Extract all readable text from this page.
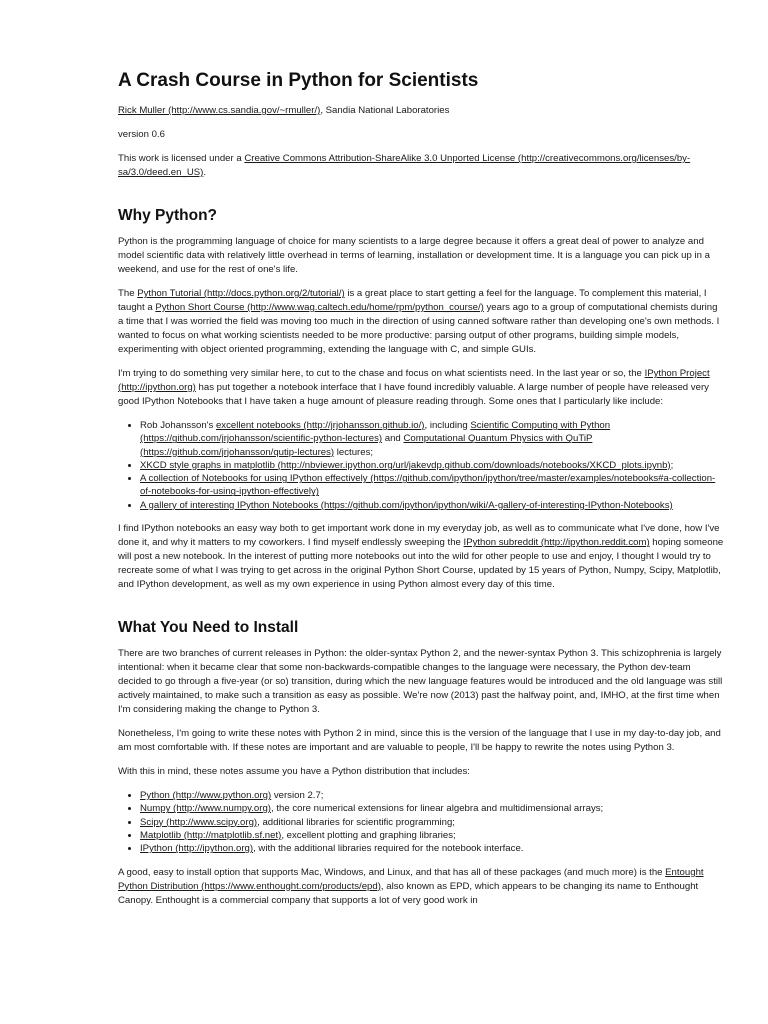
A Crash Course in Python for Scientists

Rick Muller (http://www.cs.sandia.gov/~rmuller/), Sandia National Laboratories

version 0.6

This work is licensed under a Creative Commons Attribution-ShareAlike 3.0 Unported License (http://creativecommons.org/licenses/by-sa/3.0/deed.en_US).

Why Python?

Python is the programming language of choice for many scientists to a large degree because it offers a great deal of power to analyze and model scientific data with relatively little overhead in terms of learning, installation or development time. It is a language you can pick up in a weekend, and use for the rest of one's life.

The Python Tutorial (http://docs.python.org/2/tutorial/) is a great place to start getting a feel for the language. To complement this material, I taught a Python Short Course (http://www.wag.caltech.edu/home/rpm/python_course/) years ago to a group of computational chemists during a time that I was worried the field was moving too much in the direction of using canned software rather than developing one's own methods. I wanted to focus on what working scientists needed to be more productive: parsing output of other programs, building simple models, experimenting with object oriented programming, extending the language with C, and simple GUIs.

I'm trying to do something very similar here, to cut to the chase and focus on what scientists need. In the last year or so, the IPython Project (http://ipython.org) has put together a notebook interface that I have found incredibly valuable. A large number of people have released very good IPython Notebooks that I have taken a huge amount of pleasure reading through. Some ones that I particularly like include:

• Rob Johansson's excellent notebooks (http://jrjohansson.github.io/), including Scientific Computing with Python (https://github.com/jrjohansson/scientific-python-lectures) and Computational Quantum Physics with QuTiP (https://github.com/jrjohansson/qutip-lectures) lectures;
• XKCD style graphs in matplotlib (http://nbviewer.ipython.org/url/jakevdp.github.com/downloads/notebooks/XKCD_plots.ipynb);
• A collection of Notebooks for using IPython effectively (https://github.com/ipython/ipython/tree/master/examples/notebooks#a-collection-of-notebooks-for-using-ipython-effectively)
• A gallery of interesting IPython Notebooks (https://github.com/ipython/ipython/wiki/A-gallery-of-interesting-IPython-Notebooks)

I find IPython notebooks an easy way both to get important work done in my everyday job, as well as to communicate what I've done, how I've done it, and why it matters to my coworkers. I find myself endlessly sweeping the IPython subreddit (http://ipython.reddit.com) hoping someone will post a new notebook. In the interest of putting more notebooks out into the wild for other people to use and enjoy, I thought I would try to recreate some of what I was trying to get across in the original Python Short Course, updated by 15 years of Python, Numpy, Scipy, Matplotlib, and IPython development, as well as my own experience in using Python almost every day of this time.

What You Need to Install

There are two branches of current releases in Python: the older-syntax Python 2, and the newer-syntax Python 3. This schizophrenia is largely intentional: when it became clear that some non-backwards-compatible changes to the language were necessary, the Python dev-team decided to go through a five-year (or so) transition, during which the new language features would be introduced and the old language was still actively maintained, to make such a transition as easy as possible. We're now (2013) past the halfway point, and, IMHO, at the first time when I'm considering making the change to Python 3.

Nonetheless, I'm going to write these notes with Python 2 in mind, since this is the version of the language that I use in my day-to-day job, and am most comfortable with. If these notes are important and are valuable to people, I'll be happy to rewrite the notes using Python 3.

With this in mind, these notes assume you have a Python distribution that includes:

• Python (http://www.python.org) version 2.7;
• Numpy (http://www.numpy.org), the core numerical extensions for linear algebra and multidimensional arrays;
• Scipy (http://www.scipy.org), additional libraries for scientific programming;
• Matplotlib (http://matplotlib.sf.net), excellent plotting and graphing libraries;
• IPython (http://ipython.org), with the additional libraries required for the notebook interface.

A good, easy to install option that supports Mac, Windows, and Linux, and that has all of these packages (and much more) is the Entought Python Distribution (https://www.enthought.com/products/epd), also known as EPD, which appears to be changing its name to Enthought Canopy. Enthought is a commercial company that supports a lot of very good work in
